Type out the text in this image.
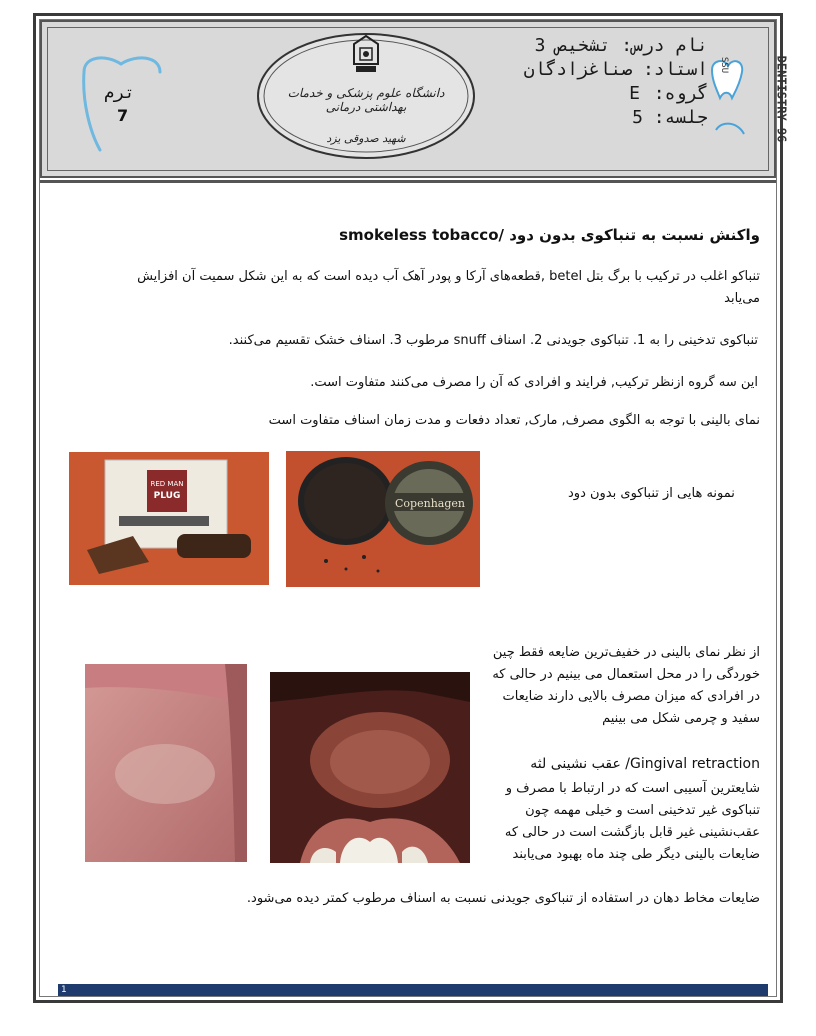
نام درس: تشخیص 3
استاد: صناغزادگان
گروه: E
جلسه: 5
دانشگاه علوم پزشکی و خدمات بهداشتی درمانی
شهید صدوقی یزد
ترم
7	DENTISTRY 96
SSU
واکنش نسبت به تنباکوی بدون دود /smokeless tobacco
تنباکو اغلب در ترکیب با برگ بتل betel ,قطعه‌های آرکا و پودر آهک آب دیده است که به این شکل سمیت آن افزایش می‌یابد
تنباکوی تدخینی را به 1. تنباکوی جویدنی 2. اسناف snuff مرطوب 3. اسناف خشک تقسیم می‌کنند.
این سه گروه ازنظر ترکیب, فرایند و افرادی که آن را مصرف می‌کنند متفاوت است.
نمای بالینی با توجه به الگوی مصرف, مارک, تعداد دفعات و مدت زمان اسناف متفاوت است
RED MAN
PLUG
Copenhagen
نمونه هایی از تنباکوی بدون دود
از نظر نمای بالینی در خفیف‌ترین ضایعه فقط چین خوردگی را در محل استعمال می بینیم در حالی که در افرادی که میزان مصرف بالایی دارند ضایعات سفید و چرمی شکل می بینیم
Gingival retraction/ عقب نشینی لثه
شایعترین آسیبی است که در ارتباط با مصرف و تنباکوی غیر تدخینی است و خیلی مهمه چون عقب‌نشینی غیر قابل بازگشت است در حالی که ضایعات بالینی دیگر طی چند ماه بهبود می‌یابند
ضایعات مخاط دهان در استفاده از تنباکوی جویدنی نسبت به اسناف مرطوب کمتر دیده می‌شود.
1
